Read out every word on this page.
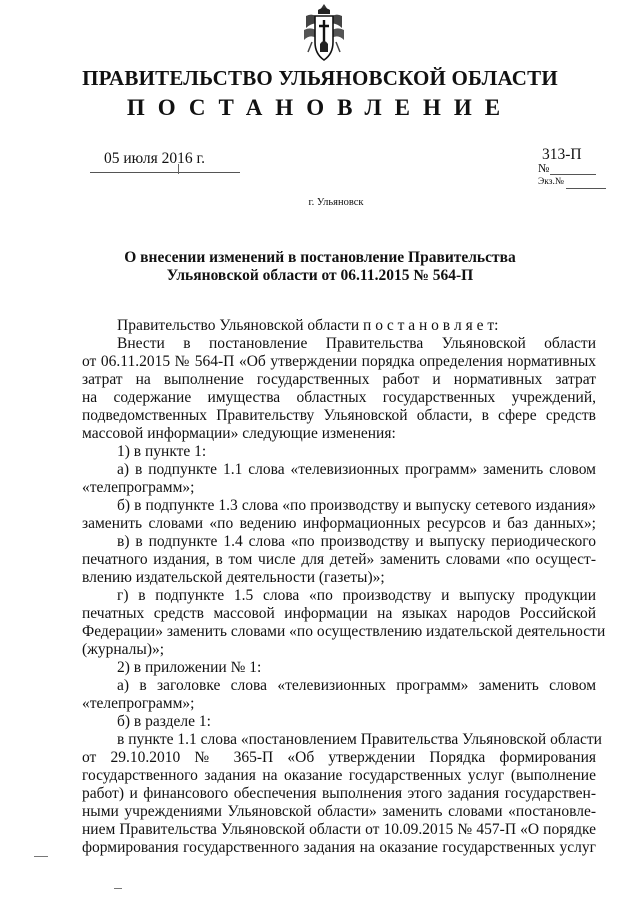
ПРАВИТЕЛЬСТВО УЛЬЯНОВСКОЙ ОБЛАСТИ
ПОСТАНОВЛЕНИЕ
05 июля 2016 г.	313-П
№
Экз.№
г. Ульяновск
О внесении изменений в постановление Правительства
Ульяновской области от 06.11.2015 № 564-П
Правительство Ульяновской области п о с т а н о в л я е т:
Внести в постановление Правительства Ульяновской области
от 06.11.2015 № 564-П «Об утверждении порядка определения нормативных
затрат на выполнение государственных работ и нормативных затрат
на содержание имущества областных государственных учреждений,
подведомственных Правительству Ульяновской области, в сфере средств
массовой информации» следующие изменения:
1) в пункте 1:
а) в подпункте 1.1 слова «телевизионных программ» заменить словом
«телепрограмм»;
б) в подпункте 1.3 слова «по производству и выпуску сетевого издания»
заменить словами «по ведению информационных ресурсов и баз данных»;
в) в подпункте 1.4 слова «по производству и выпуску периодического
печатного издания, в том числе для детей» заменить словами «по осущест-
влению издательской деятельности (газеты)»;
г) в подпункте 1.5 слова «по производству и выпуску продукции
печатных средств массовой информации на языках народов Российской
Федерации» заменить словами «по осуществлению издательской деятельности
(журналы)»;
2) в приложении № 1:
а) в заголовке слова «телевизионных программ» заменить словом
«телепрограмм»;
б) в разделе 1:
в пункте 1.1 слова «постановлением Правительства Ульяновской области
от 29.10.2010 № 365-П «Об утверждении Порядка формирования
государственного задания на оказание государственных услуг (выполнение
работ) и финансового обеспечения выполнения этого задания государствен-
ными учреждениями Ульяновской области» заменить словами «постановле-
нием Правительства Ульяновской области от 10.09.2015 № 457-П «О порядке
формирования государственного задания на оказание государственных услуг
